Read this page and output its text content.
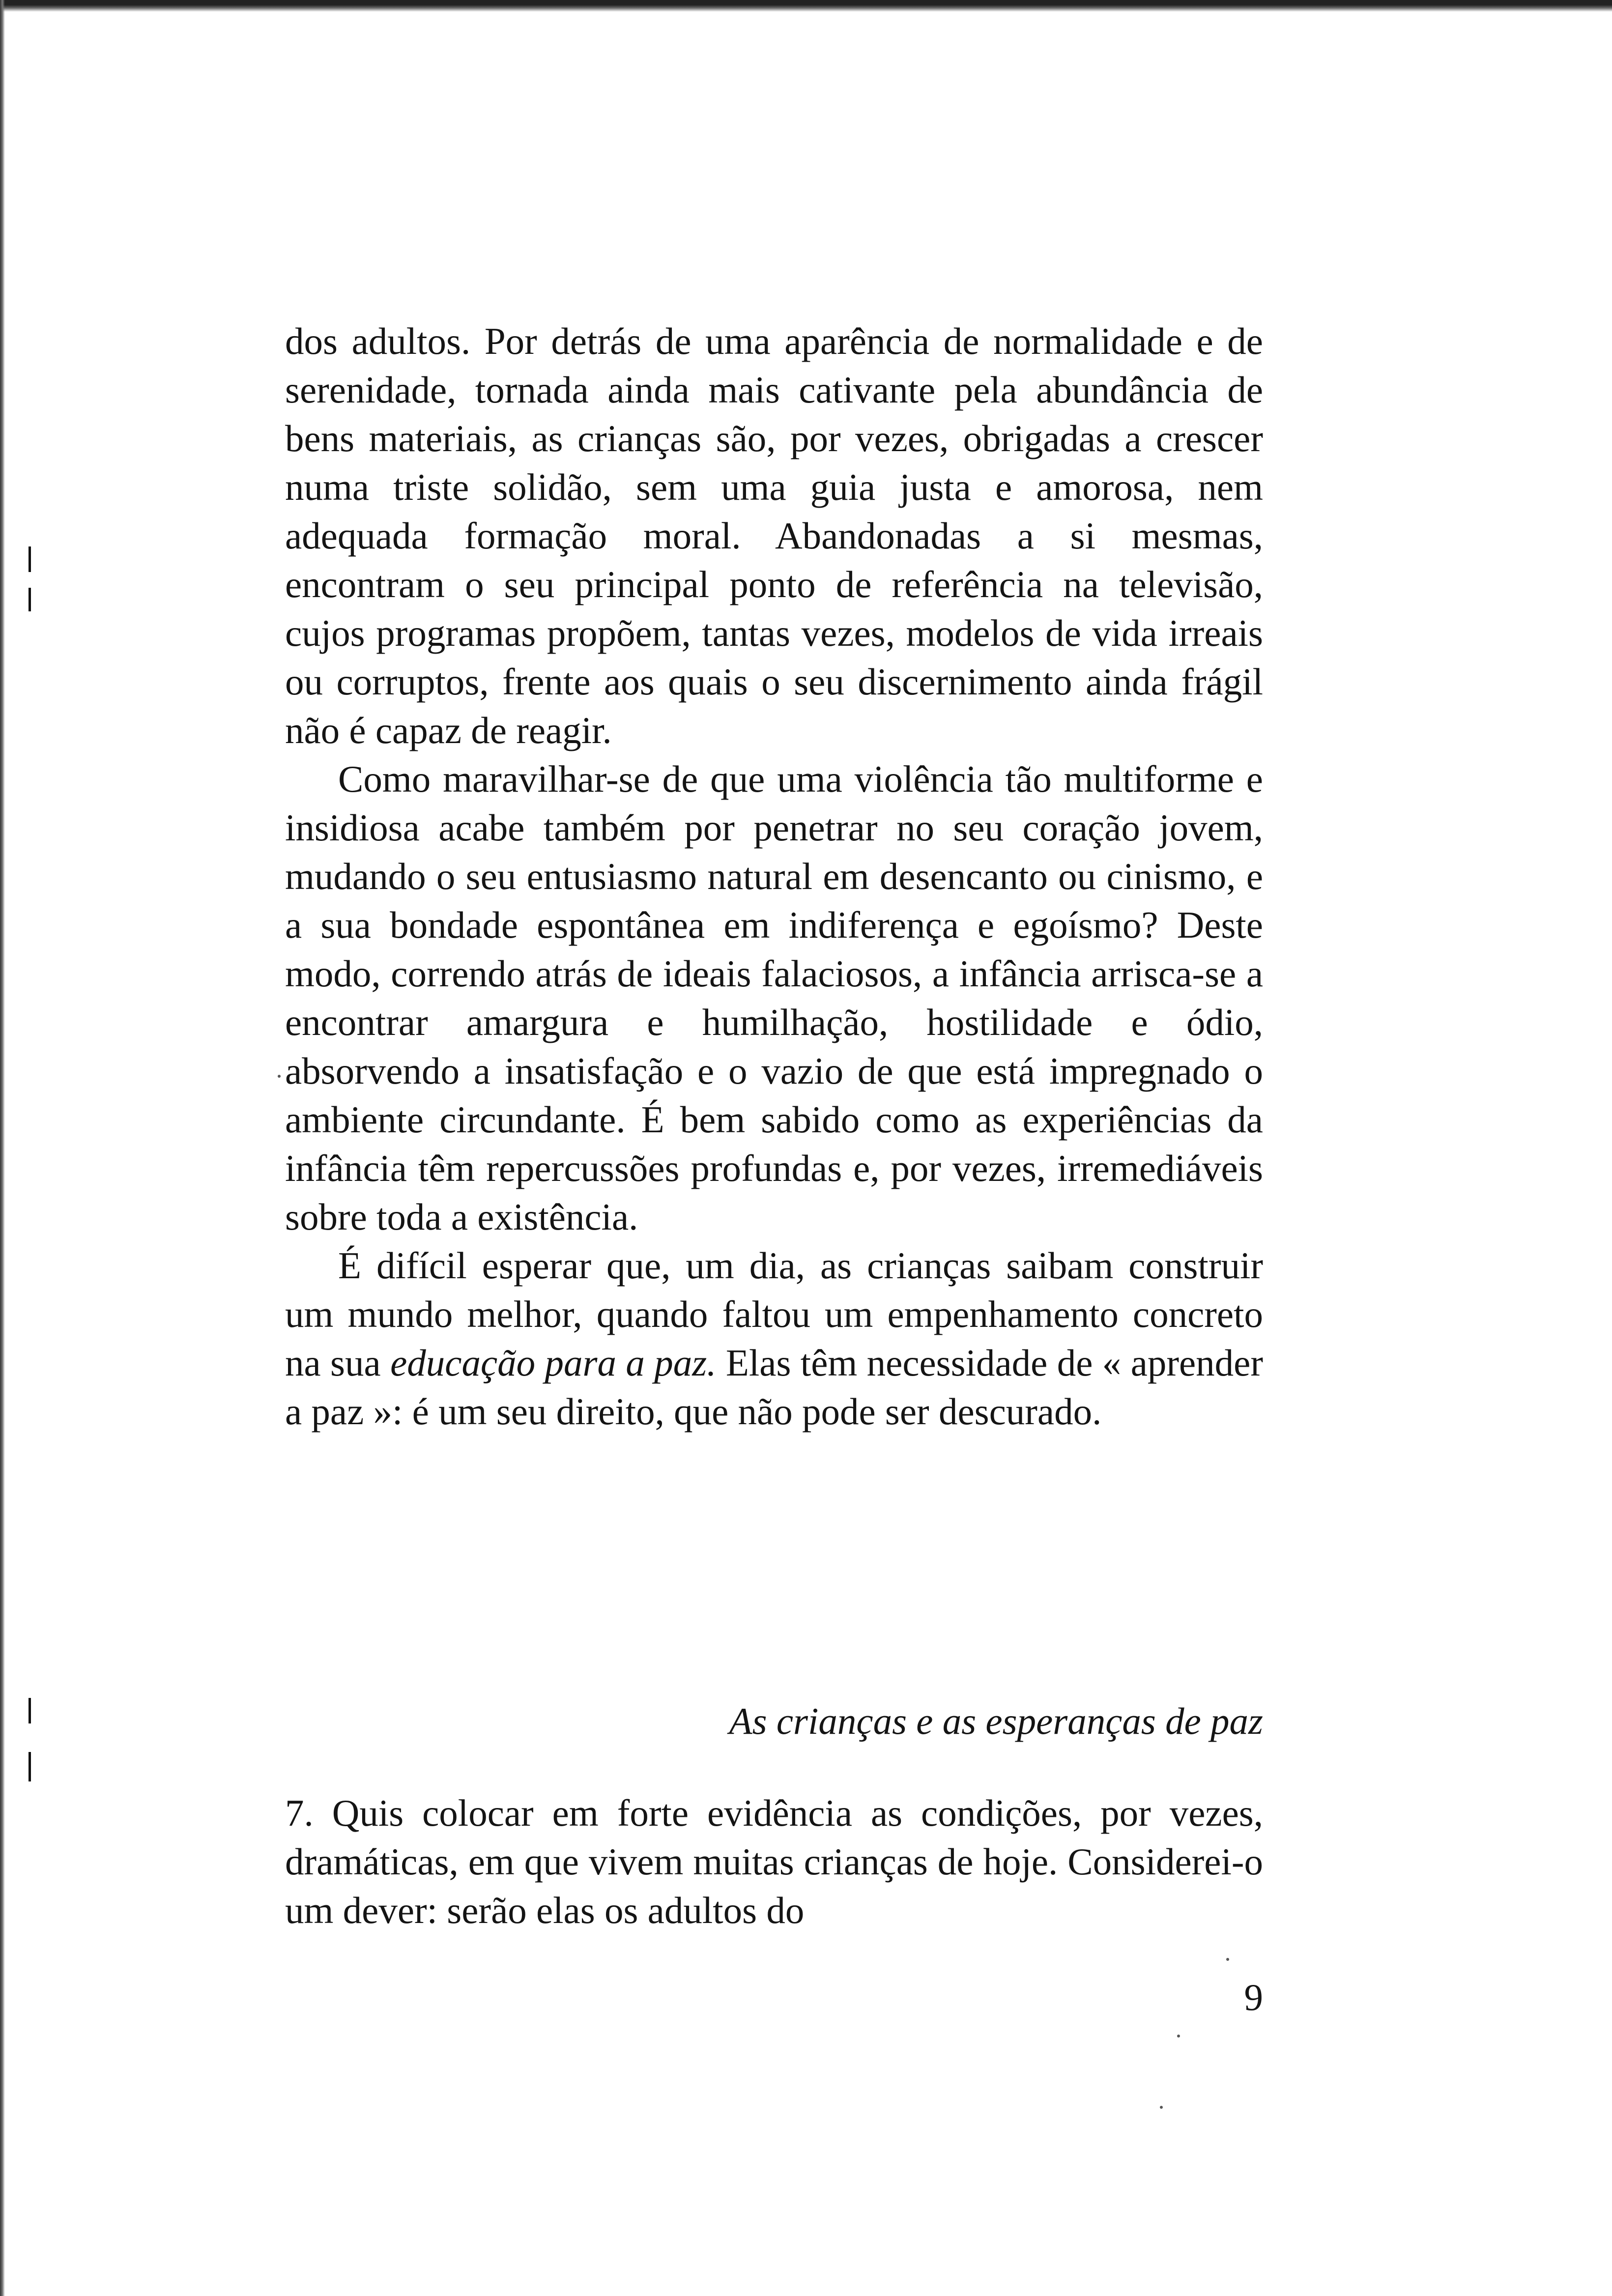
dos adultos. Por detrás de uma aparência de normalidade e de serenidade, tornada ainda mais cativante pela abundância de bens materiais, as crianças são, por vezes, obrigadas a crescer numa triste solidão, sem uma guia justa e amorosa, nem adequada formação moral. Abandonadas a si mesmas, encontram o seu principal ponto de referência na televisão, cujos programas propõem, tantas vezes, modelos de vida irreais ou corruptos, frente aos quais o seu discernimento ainda frágil não é capaz de reagir.

Como maravilhar-se de que uma violência tão multiforme e insidiosa acabe também por penetrar no seu coração jovem, mudando o seu entusiasmo natural em desencanto ou cinismo, e a sua bondade espontânea em indiferença e egoísmo? Deste modo, correndo atrás de ideais falaciosos, a infância arrisca-se a encontrar amargura e humilhação, hostilidade e ódio, absorvendo a insatisfação e o vazio de que está impregnado o ambiente circundante. É bem sabido como as experiências da infância têm repercussões profundas e, por vezes, irremediáveis sobre toda a existência.

É difícil esperar que, um dia, as crianças saibam construir um mundo melhor, quando faltou um empenhamento concreto na sua educação para a paz. Elas têm necessidade de « aprender a paz »: é um seu direito, que não pode ser descurado.

As crianças e as esperanças de paz

7. Quis colocar em forte evidência as condições, por vezes, dramáticas, em que vivem muitas crianças de hoje. Considerei-o um dever: serão elas os adultos do

9
